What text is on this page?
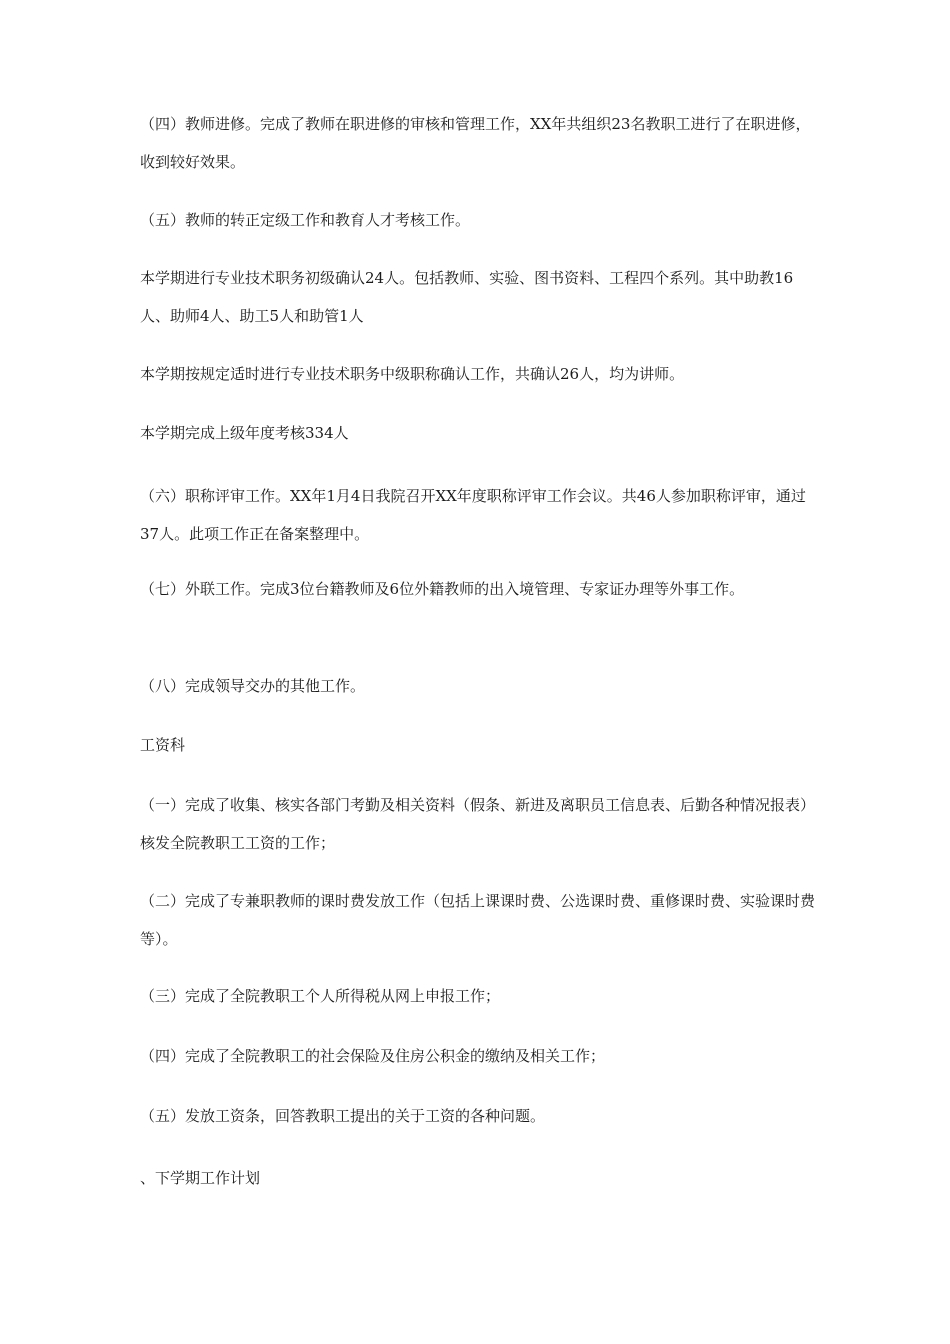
（四）教师进修。完成了教师在职进修的审核和管理工作，XX年共组织23名教职工进行了在职进修，收到较好效果。

（五）教师的转正定级工作和教育人才考核工作。

本学期进行专业技术职务初级确认24人。包括教师、实验、图书资料、工程四个系列。其中助教16人、助师4人、助工5人和助管1人

本学期按规定适时进行专业技术职务中级职称确认工作，共确认26人，均为讲师。

本学期完成上级年度考核334人

（六）职称评审工作。XX年1月4日我院召开XX年度职称评审工作会议。共46人参加职称评审，通过37人。此项工作正在备案整理中。

（七）外联工作。完成3位台籍教师及6位外籍教师的出入境管理、专家证办理等外事工作。

（八）完成领导交办的其他工作。

工资科

（一）完成了收集、核实各部门考勤及相关资料（假条、新进及离职员工信息表、后勤各种情况报表）核发全院教职工工资的工作；

（二）完成了专兼职教师的课时费发放工作（包括上课课时费、公选课时费、重修课时费、实验课时费等）。

（三）完成了全院教职工个人所得税从网上申报工作；

（四）完成了全院教职工的社会保险及住房公积金的缴纳及相关工作；

（五）发放工资条，回答教职工提出的关于工资的各种问题。

、下学期工作计划
